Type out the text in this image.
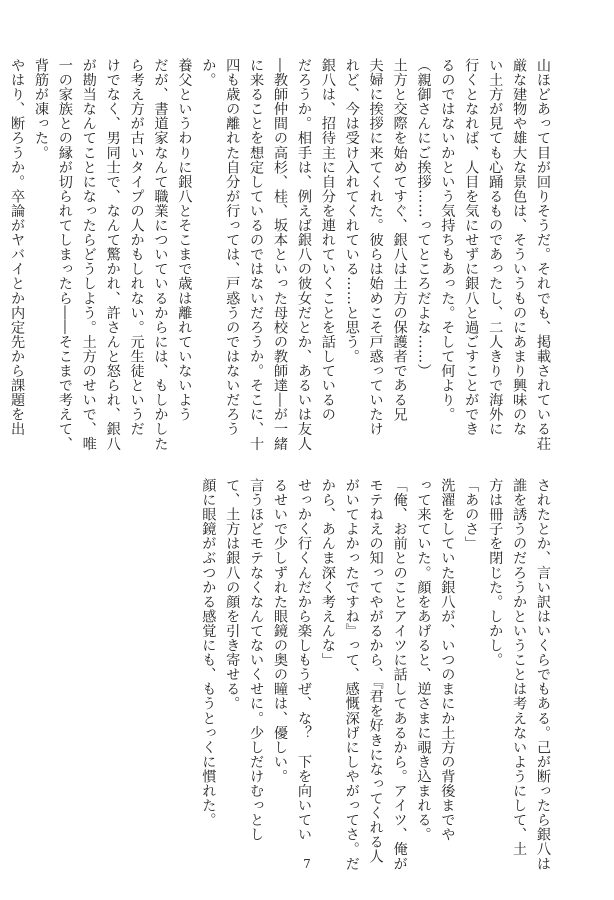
山ほどあって目が回りそうだ。それでも、掲載されている荘

厳な建物や雄大な景色は、そういうものにあまり興味のな

い土方が見ても心踊るものであったし、二人きりで海外に

行くとなれば、人目を気にせずに銀八と過ごすことができ

るのではないかという気持ちもあった。そして何より。

（親御さんにご挨拶……ってところだよな……）

土方と交際を始めてすぐ、銀八は土方の保護者である兄

夫婦に挨拶に来てくれた。彼らは始めこそ戸惑っていたけ

れど、今は受け入れてくれている……と思う。

銀八は、招待主に自分を連れていくことを話しているの

だろうか。相手は、例えば銀八の彼女だとか、あるいは友人

―教師仲間の高杉、桂、坂本といった母校の教師達―が一緒

に来ることを想定しているのではないだろうか。そこに、十

四も歳の離れた自分が行っては、戸惑うのではないだろう

か。

養父というわりに銀八とそこまで歳は離れていないよう

だが、書道家なんて職業についているからには、もしかした

ら考え方が古いタイプの人かもしれない。元生徒というだ

けでなく、男同士で、なんて驚かれ、許さんと怒られ、銀八

が勘当なんてことになったらどうしよう。土方のせいで、唯

一の家族との縁が切られてしまったら――そこまで考えて、

背筋が凍った。

やはり、断ろうか。卒論がヤバイとか内定先から課題を出

されたとか、言い訳はいくらでもある。己が断ったら銀八は

誰を誘うのだろうかということは考えないようにして、土

方は冊子を閉じた。しかし。

「あのさ」

洗濯をしていた銀八が、いつのまにか土方の背後までや

って来ていた。顔をあげると、逆さまに覗き込まれる。

「俺、お前とのことアイツに話してあるから。アイツ、俺が

モテねえの知ってやがるから、『君を好きになってくれる人

がいてよかったですね』って、感慨深げにしやがってさ。だ

から、あんま深く考えんな」

せっかく行くんだから楽しもうぜ、な？　下を向いてい

るせいで少しずれた眼鏡の奥の瞳は、優しい。

言うほどモテなくなんてないくせに。少しだけむっとし

て、土方は銀八の顔を引き寄せる。

顔に眼鏡がぶつかる感覚にも、もうとっくに慣れた。

7
